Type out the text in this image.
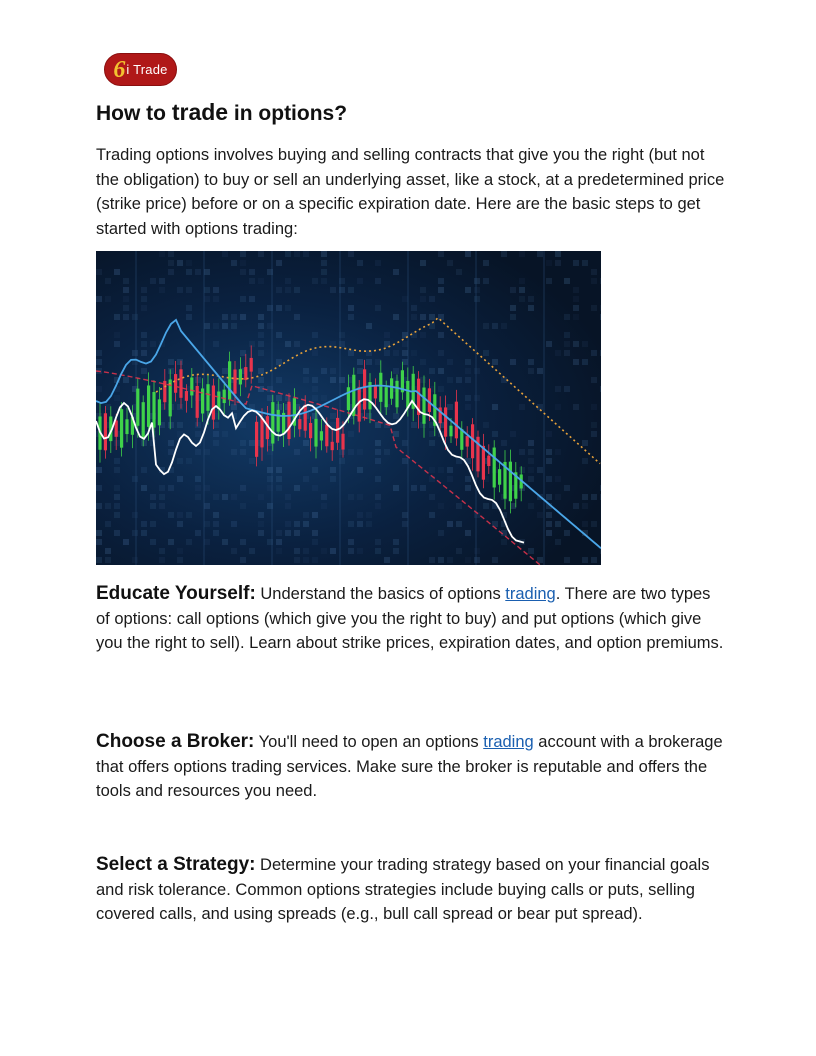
6 i Trade
How to trade in options?

Trading options involves buying and selling contracts that give you the right (but not the obligation) to buy or sell an underlying asset, like a stock, at a predetermined price (strike price) before or on a specific expiration date. Here are the basic steps to get started with options trading:

Educate Yourself: Understand the basics of options trading. There are two types of options: call options (which give you the right to buy) and put options (which give you the right to sell). Learn about strike prices, expiration dates, and option premiums.

Choose a Broker: You'll need to open an options trading account with a brokerage that offers options trading services. Make sure the broker is reputable and offers the tools and resources you need.

Select a Strategy: Determine your trading strategy based on your financial goals and risk tolerance. Common options strategies include buying calls or puts, selling covered calls, and using spreads (e.g., bull call spread or bear put spread).
